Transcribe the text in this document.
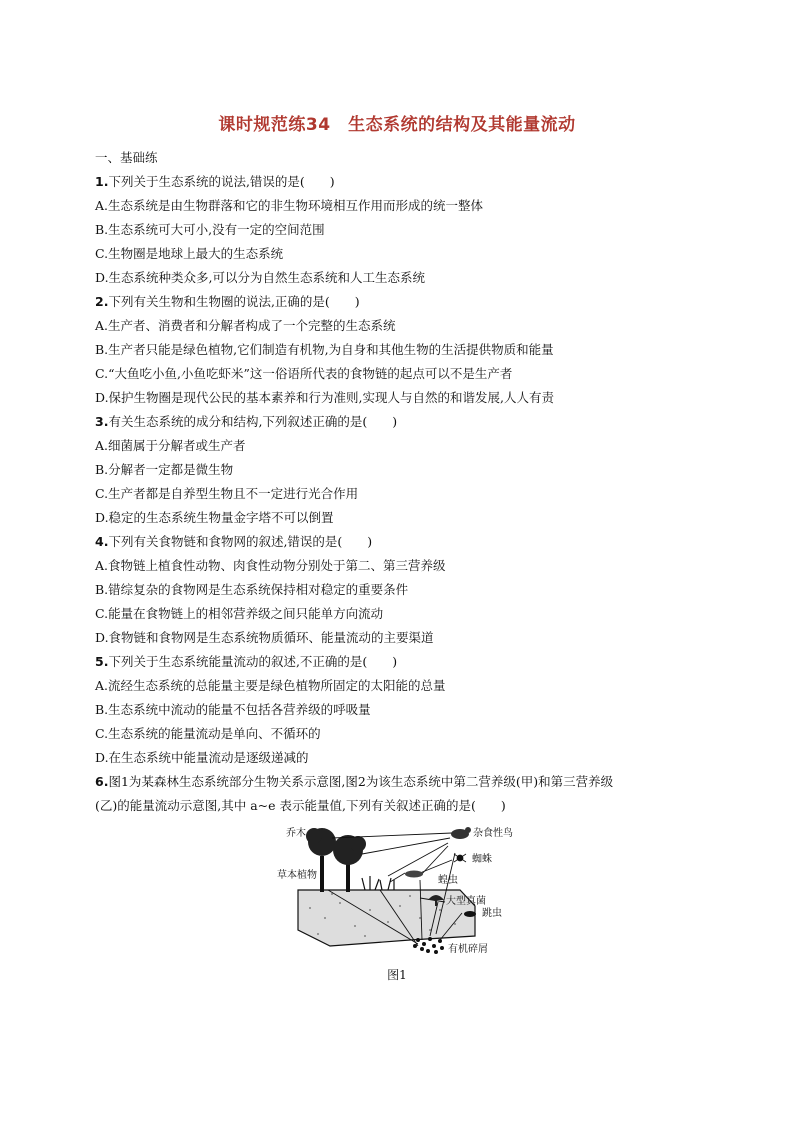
课时规范练34　生态系统的结构及其能量流动
一、基础练
1.下列关于生态系统的说法,错误的是(　　)
A.生态系统是由生物群落和它的非生物环境相互作用而形成的统一整体
B.生态系统可大可小,没有一定的空间范围
C.生物圈是地球上最大的生态系统
D.生态系统种类众多,可以分为自然生态系统和人工生态系统
2.下列有关生物和生物圈的说法,正确的是(　　)
A.生产者、消费者和分解者构成了一个完整的生态系统
B.生产者只能是绿色植物,它们制造有机物,为自身和其他生物的生活提供物质和能量
C.“大鱼吃小鱼,小鱼吃虾米”这一俗语所代表的食物链的起点可以不是生产者
D.保护生物圈是现代公民的基本素养和行为准则,实现人与自然的和谐发展,人人有责
3.有关生态系统的成分和结构,下列叙述正确的是(　　)
A.细菌属于分解者或生产者
B.分解者一定都是微生物
C.生产者都是自养型生物且不一定进行光合作用
D.稳定的生态系统生物量金字塔不可以倒置
4.下列有关食物链和食物网的叙述,错误的是(　　)
A.食物链上植食性动物、肉食性动物分别处于第二、第三营养级
B.错综复杂的食物网是生态系统保持相对稳定的重要条件
C.能量在食物链上的相邻营养级之间只能单方向流动
D.食物链和食物网是生态系统物质循环、能量流动的主要渠道
5.下列关于生态系统能量流动的叙述,不正确的是(　　)
A.流经生态系统的总能量主要是绿色植物所固定的太阳能的总量
B.生态系统中流动的能量不包括各营养级的呼吸量
C.生态系统的能量流动是单向、不循环的
D.在生态系统中能量流动是逐级递减的
6.图1为某森林生态系统部分生物关系示意图,图2为该生态系统中第二营养级(甲)和第三营养级
(乙)的能量流动示意图,其中 a~e 表示能量值,下列有关叙述正确的是(　　)
乔木
草本植物
杂食性鸟
蜘蛛
蝗虫
大型真菌
跳虫
有机碎屑
图1
